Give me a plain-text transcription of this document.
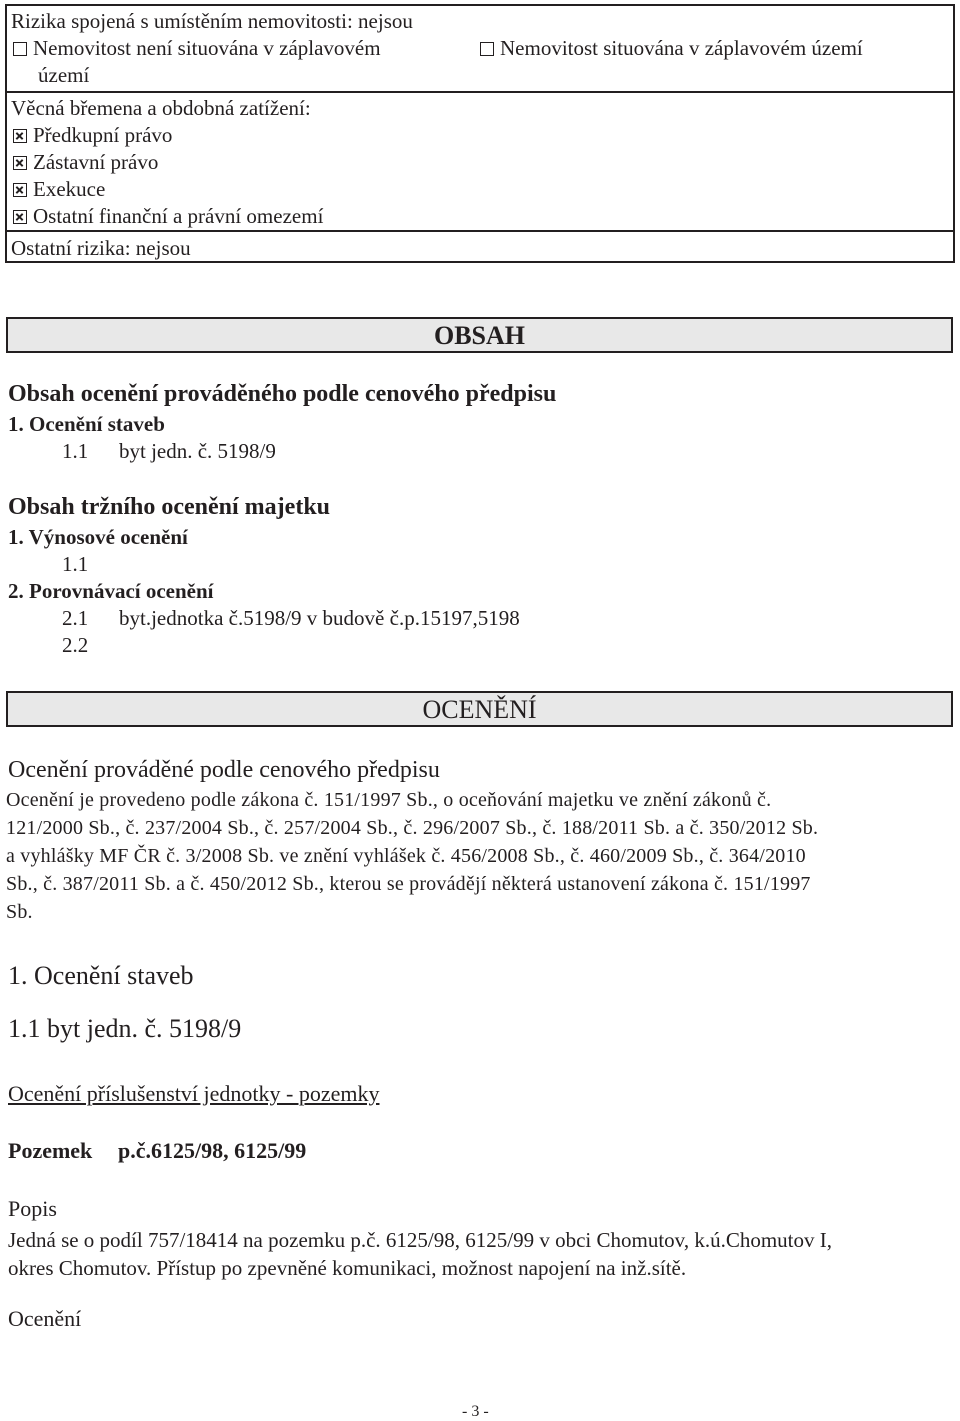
Rizika spojená s umístěním nemovitosti: nejsou
Nemovitost není situována v záplavovém
území
Nemovitost situována v záplavovém území
Věcná břemena a obdobná zatížení:
Předkupní právo
Zástavní právo
Exekuce
Ostatní finanční a právní omezemí
Ostatní rizika: nejsou
OBSAH
Obsah ocenění prováděného podle cenového předpisu
1. Ocenění staveb
1.1 byt jedn. č. 5198/9
Obsah tržního ocenění majetku
1. Výnosové ocenění
1.1
2. Porovnávací ocenění
2.1 byt.jednotka č.5198/9 v budově č.p.15197,5198
2.2
OCENĚNÍ
Ocenění prováděné podle cenového předpisu
Ocenění je provedeno podle zákona č. 151/1997 Sb., o oceňování majetku ve znění zákonů č.
121/2000 Sb., č. 237/2004 Sb., č. 257/2004 Sb., č. 296/2007 Sb., č. 188/2011 Sb. a č. 350/2012 Sb.
a vyhlášky MF ČR č. 3/2008 Sb. ve znění vyhlášek č. 456/2008 Sb., č. 460/2009 Sb., č. 364/2010
Sb., č. 387/2011 Sb. a č. 450/2012 Sb., kterou se provádějí některá ustanovení zákona č. 151/1997
Sb.
1. Ocenění staveb
1.1 byt jedn. č. 5198/9
Ocenění příslušenství jednotky - pozemky
Pozemek p.č.6125/98, 6125/99
Popis
Jedná se o podíl 757/18414 na pozemku p.č. 6125/98, 6125/99 v obci Chomutov, k.ú.Chomutov I,
okres Chomutov. Přístup po zpevněné komunikaci, možnost napojení na inž.sítě.
Ocenění
- 3 -
